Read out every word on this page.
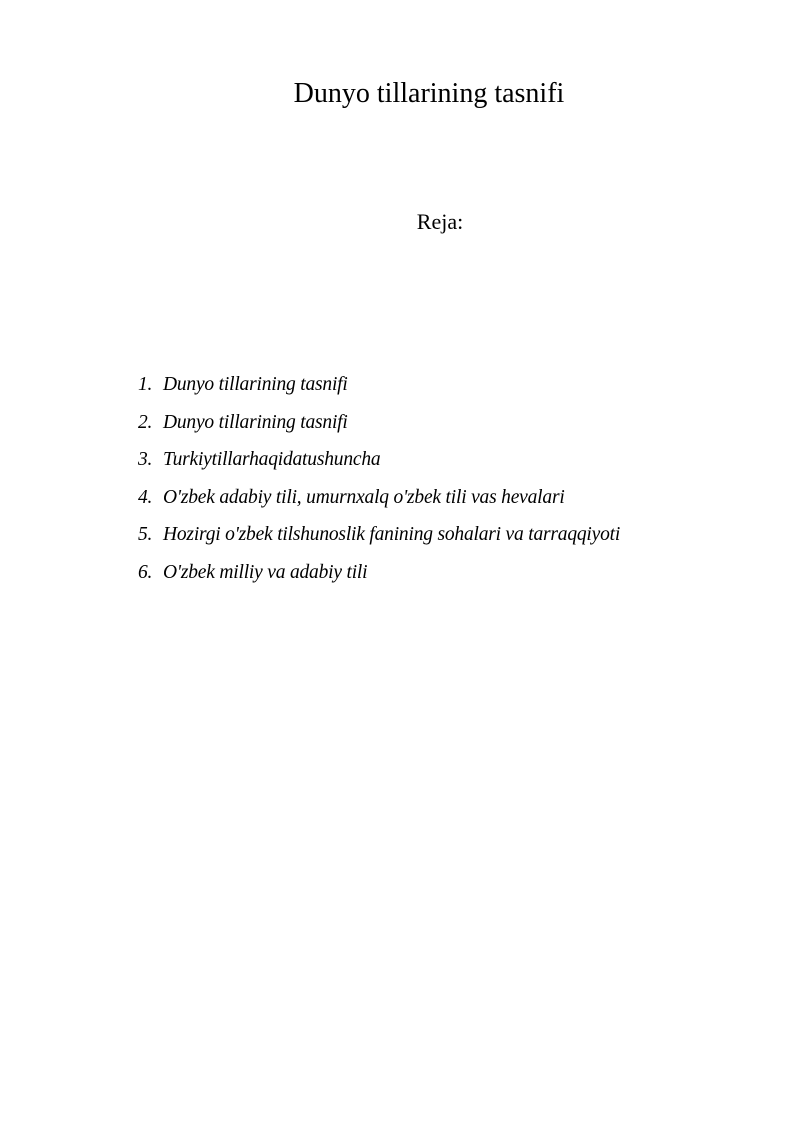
Dunyo tillarining tasnifi

Reja:

1. Dunyo tillarining tasnifi
2. Dunyo tillarining tasnifi
3. Turkiytillarhaqidatushuncha
4. O'zbek adabiy tili, umurnxalq o'zbek tili vas hevalari
5. Hozirgi o'zbek tilshunoslik fanining sohalari va tarraqqiyoti
6. O'zbek milliy va adabiy tili
